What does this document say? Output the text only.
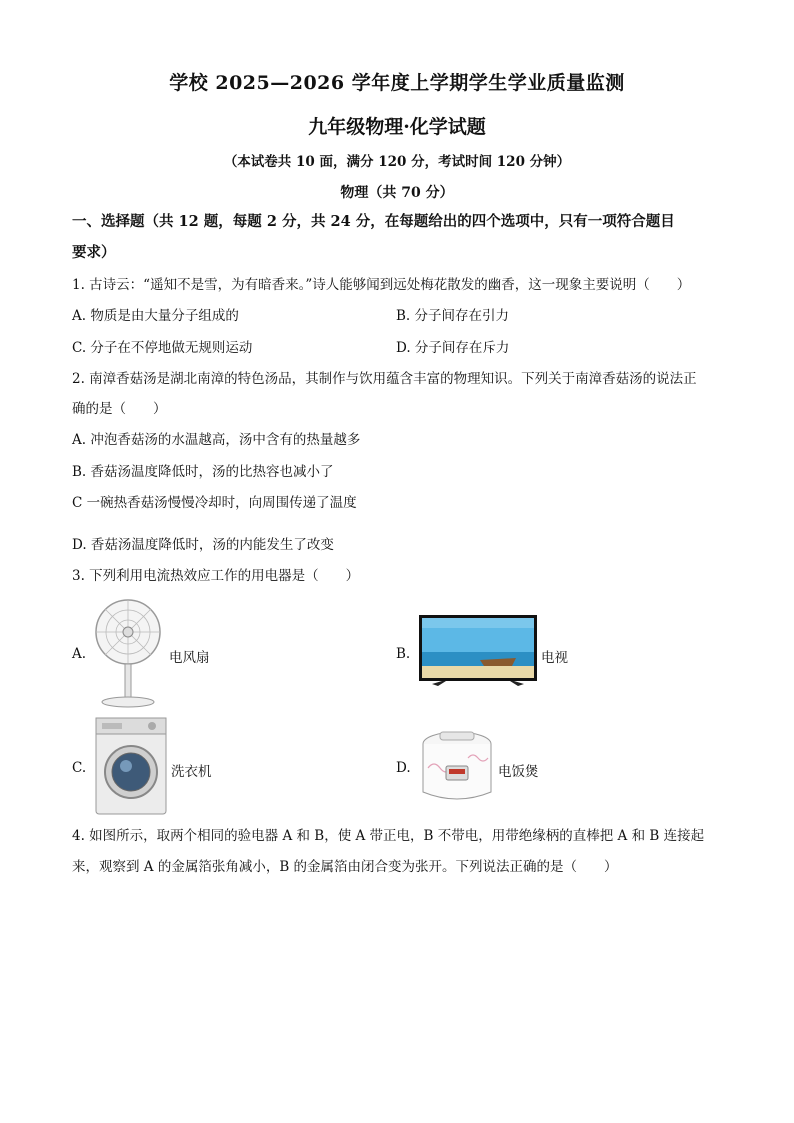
学校 2025—2026 学年度上学期学生学业质量监测
九年级物理·化学试题
（本试卷共 10 面，满分 120 分，考试时间 120 分钟）
物理（共 70 分）
一、选择题（共 12 题，每题 2 分，共 24 分，在每题给出的四个选项中，只有一项符合题目
要求）
1. 古诗云：“遥知不是雪，为有暗香来。”诗人能够闻到远处梅花散发的幽香，这一现象主要说明（　　）
A. 物质是由大量分子组成的	B. 分子间存在引力
C. 分子在不停地做无规则运动	D. 分子间存在斥力
2. 南漳香菇汤是湖北南漳的特色汤品，其制作与饮用蕴含丰富的物理知识。下列关于南漳香菇汤的说法正
确的是（　　）
A. 冲泡香菇汤的水温越高，汤中含有的热量越多
B. 香菇汤温度降低时，汤的比热容也减小了
C 一碗热香菇汤慢慢冷却时，向周围传递了温度
D. 香菇汤温度降低时，汤的内能发生了改变
3. 下列利用电流热效应工作的用电器是（　　）
A.	电风扇	B.	电视
C.	洗衣机	D.	电饭煲
4. 如图所示，取两个相同的验电器 A 和 B，使 A 带正电，B 不带电，用带绝缘柄的直棒把 A 和 B 连接起
来，观察到 A 的金属箔张角减小，B 的金属箔由闭合变为张开。下列说法正确的是（　　）
